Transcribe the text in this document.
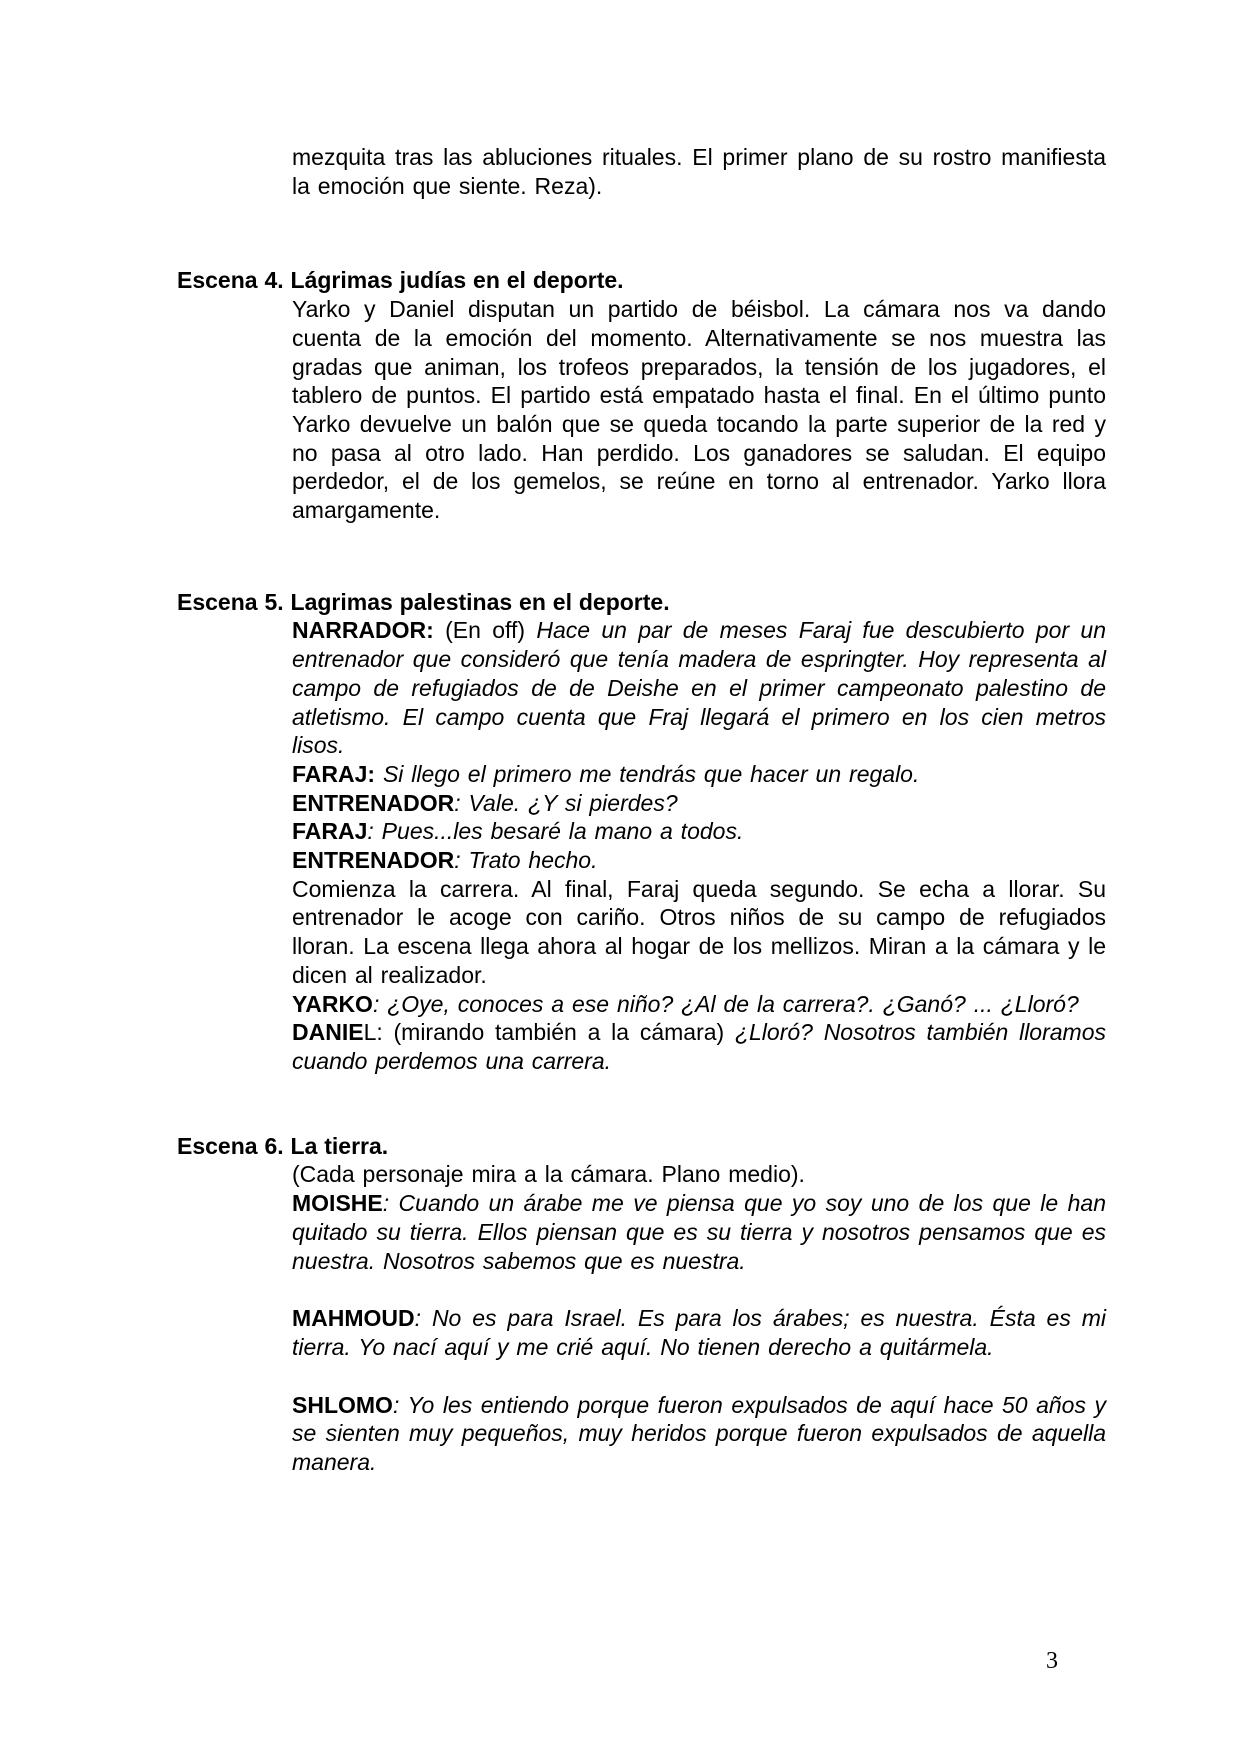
mezquita tras las abluciones rituales. El primer plano de su rostro manifiesta la emoción que siente. Reza).
Escena 4. Lágrimas judías en el deporte.
Yarko y Daniel disputan un partido de béisbol. La cámara nos va dando cuenta de la emoción del momento. Alternativamente se nos muestra las gradas que animan, los trofeos preparados, la tensión de los jugadores, el tablero de puntos. El partido está empatado hasta el final. En el último punto Yarko devuelve un balón que se queda tocando la parte superior de la red y no pasa al otro lado. Han perdido. Los ganadores se saludan. El equipo perdedor, el de los gemelos, se reúne en torno al entrenador. Yarko llora amargamente.
Escena 5. Lagrimas palestinas en el deporte.
NARRADOR: (En off) Hace un par de meses Faraj fue descubierto por un entrenador que consideró que tenía madera de espringter. Hoy representa al campo de refugiados de de Deishe en el primer campeonato palestino de atletismo. El campo cuenta que Fraj llegará el primero en los cien metros lisos.
FARAJ: Si llego el primero me tendrás que hacer un regalo.
ENTRENADOR: Vale. ¿Y si pierdes?
FARAJ: Pues...les besaré la mano a todos.
ENTRENADOR: Trato hecho.
Comienza la carrera. Al final, Faraj queda segundo. Se echa a llorar. Su entrenador le acoge con cariño. Otros niños de su campo de refugiados lloran. La escena llega ahora al hogar de los mellizos. Miran a la cámara y le dicen al realizador.
YARKO: ¿Oye, conoces a ese niño? ¿Al de la carrera?. ¿Ganó? ... ¿Lloró?
DANIEL: (mirando también a la cámara) ¿Lloró? Nosotros también lloramos cuando perdemos una carrera.
Escena 6. La tierra.
(Cada personaje mira a la cámara. Plano medio).
MOISHE: Cuando un árabe me ve piensa que yo soy uno de los que le han quitado su tierra. Ellos piensan que es su tierra y nosotros pensamos que es nuestra. Nosotros sabemos que es nuestra.
MAHMOUD: No es para Israel. Es para los árabes; es nuestra. Ésta es mi tierra. Yo nací aquí y me crié aquí. No tienen derecho a quitármela.
SHLOMO: Yo les entiendo porque fueron expulsados de aquí hace 50 años y se sienten muy pequeños, muy heridos porque fueron expulsados de aquella manera.
3
